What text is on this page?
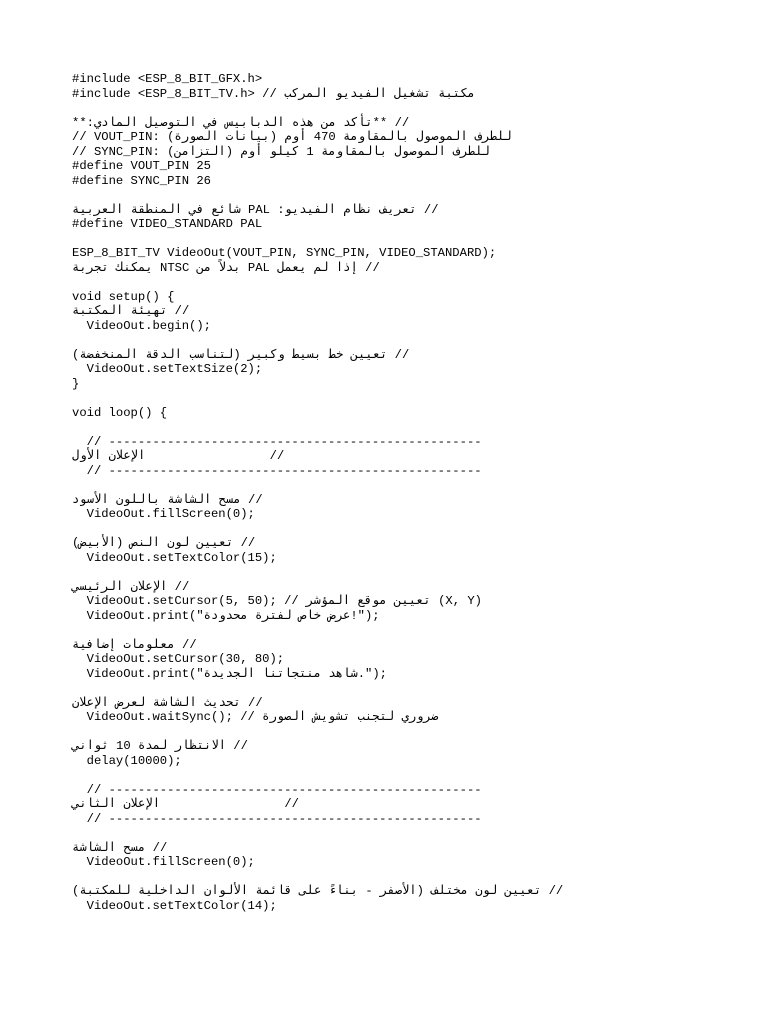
#include <ESP_8_BIT_GFX.h>
#include <ESP_8_BIT_TV.h> // مكتبة تشغيل الفيديو المركب
// **تأكد من هذه الدبابيس في التوصيل المادي:**
// VOUT_PIN: (بيانات الصورة) للطرف الموصول بالمقاومة 470 أوم
// SYNC_PIN: (التزامن) للطرف الموصول بالمقاومة 1 كيلو أوم
#define VOUT_PIN 25
#define SYNC_PIN 26
// تعريف نظام الفيديو: PAL شائع في المنطقة العربية
#define VIDEO_STANDARD PAL
ESP_8_BIT_TV VideoOut(VOUT_PIN, SYNC_PIN, VIDEO_STANDARD);
// إذا لم يعمل PAL بدلاً من NTSC يمكنك تجربة
void setup() {
// تهيئة المكتبة
VideoOut.begin();
// تعيين خط بسيط وكبير (لتناسب الدقة المنخفضة)
VideoOut.setTextSize(2);
}
void loop() {
// ---------------------------------------------------
//                 الإعلان الأول
// ---------------------------------------------------
// مسح الشاشة باللون الأسود
VideoOut.fillScreen(0);
// تعيين لون النص (الأبيض)
VideoOut.setTextColor(15);
// الإعلان الرئيسي
VideoOut.setCursor(5, 50); // تعيين موقع المؤشر (X, Y)
VideoOut.print("عرض خاص لفترة محدودة!");
// معلومات إضافية
VideoOut.setCursor(30, 80);
VideoOut.print("شاهد منتجاتنا الجديدة.");
// تحديث الشاشة لعرض الإعلان
VideoOut.waitSync(); // ضروري لتجنب تشويش الصورة
// الانتظار لمدة 10 ثواني
delay(10000);
// ---------------------------------------------------
//                 الإعلان الثاني
// ---------------------------------------------------
// مسح الشاشة
VideoOut.fillScreen(0);
// تعيين لون مختلف (الأصفر - بناءً على قائمة الألوان الداخلية للمكتبة)
VideoOut.setTextColor(14);
